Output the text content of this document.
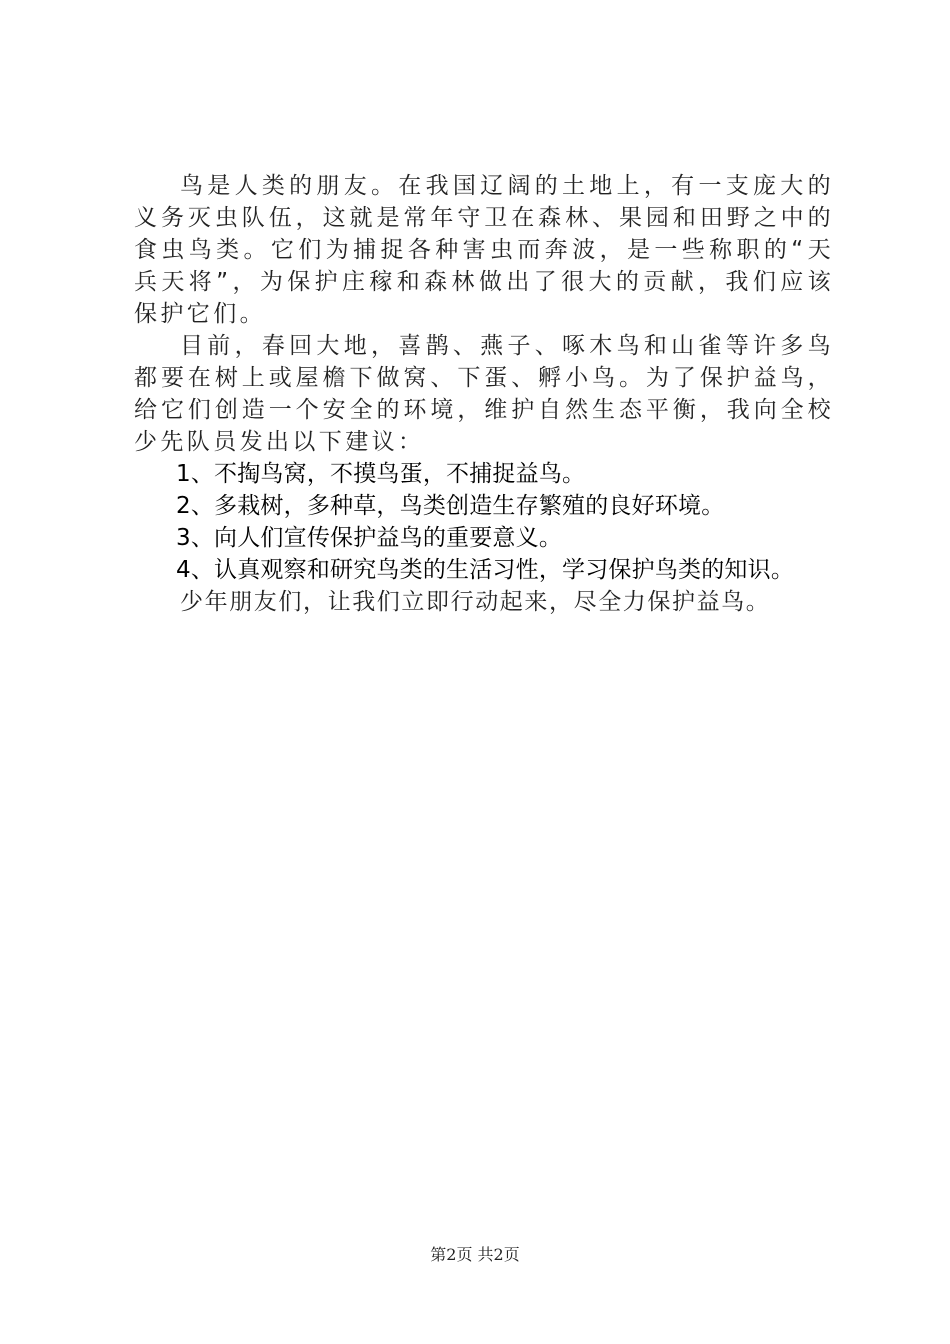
鸟是人类的朋友。在我国辽阔的土地上，有一支庞大的义务灭虫队伍，这就是常年守卫在森林、果园和田野之中的食虫鸟类。它们为捕捉各种害虫而奔波，是一些称职的“天兵天将”，为保护庄稼和森林做出了很大的贡献，我们应该保护它们。

目前，春回大地，喜鹊、燕子、啄木鸟和山雀等许多鸟都要在树上或屋檐下做窝、下蛋、孵小鸟。为了保护益鸟，给它们创造一个安全的环境，维护自然生态平衡，我向全校少先队员发出以下建议：

1、不掏鸟窝，不摸鸟蛋，不捕捉益鸟。

2、多栽树，多种草，鸟类创造生存繁殖的良好环境。

3、向人们宣传保护益鸟的重要意义。

4、认真观察和研究鸟类的生活习性，学习保护鸟类的知识。

少年朋友们，让我们立即行动起来，尽全力保护益鸟。

第2页 共2页
